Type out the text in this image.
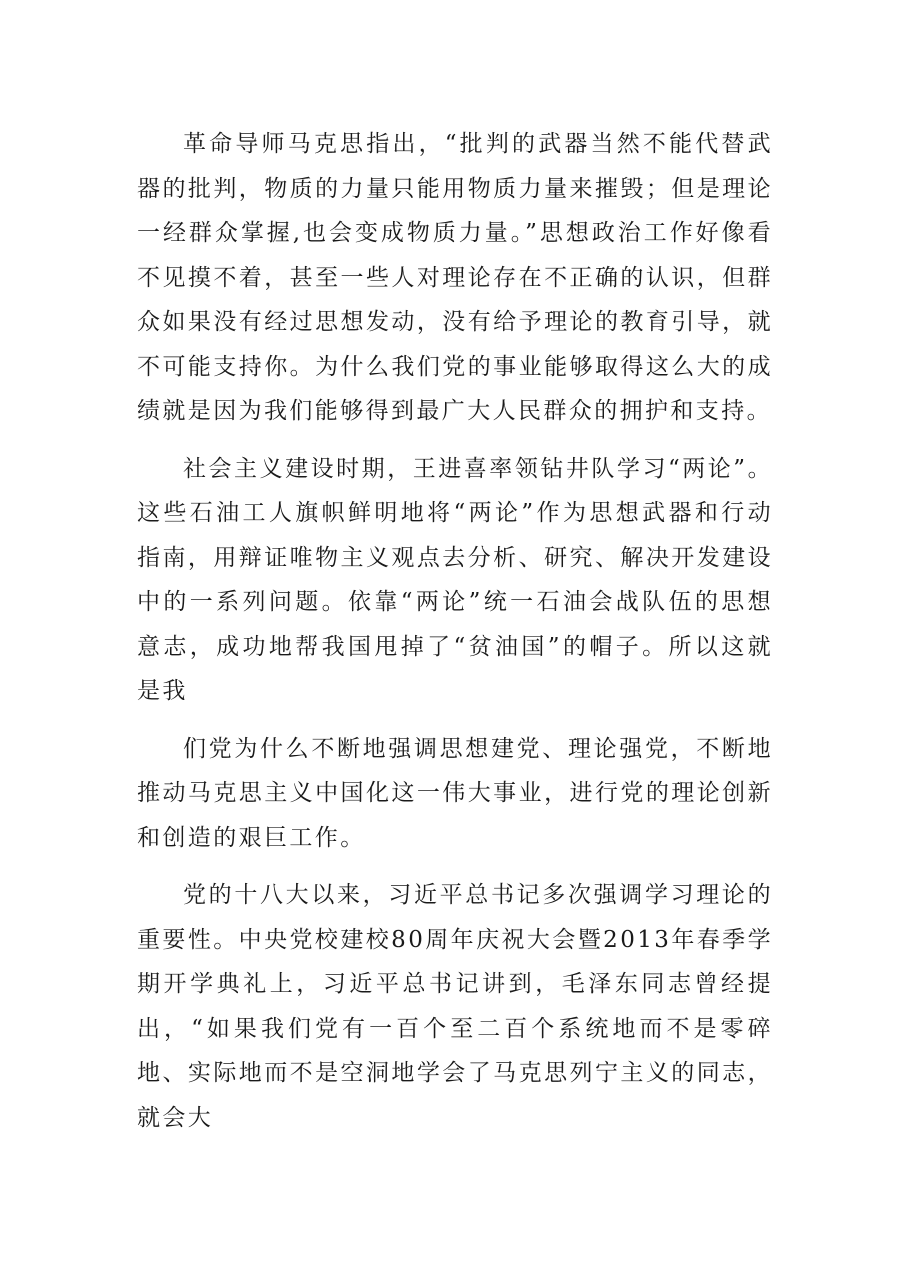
革命导师马克思指出，“批判的武器当然不能代替武器的批判，物质的力量只能用物质力量来摧毁；但是理论一经群众掌握,也会变成物质力量。”思想政治工作好像看不见摸不着，甚至一些人对理论存在不正确的认识，但群众如果没有经过思想发动，没有给予理论的教育引导，就不可能支持你。为什么我们党的事业能够取得这么大的成绩就是因为我们能够得到最广大人民群众的拥护和支持。

社会主义建设时期，王进喜率领钻井队学习“两论”。这些石油工人旗帜鲜明地将“两论”作为思想武器和行动指南，用辩证唯物主义观点去分析、研究、解决开发建设中的一系列问题。依靠“两论”统一石油会战队伍的思想意志，成功地帮我国甩掉了“贫油国”的帽子。所以这就是我

们党为什么不断地强调思想建党、理论强党，不断地推动马克思主义中国化这一伟大事业，进行党的理论创新和创造的艰巨工作。

党的十八大以来，习近平总书记多次强调学习理论的重要性。中央党校建校80周年庆祝大会暨2013年春季学期开学典礼上，习近平总书记讲到，毛泽东同志曾经提出，“如果我们党有一百个至二百个系统地而不是零碎地、实际地而不是空洞地学会了马克思列宁主义的同志，就会大
